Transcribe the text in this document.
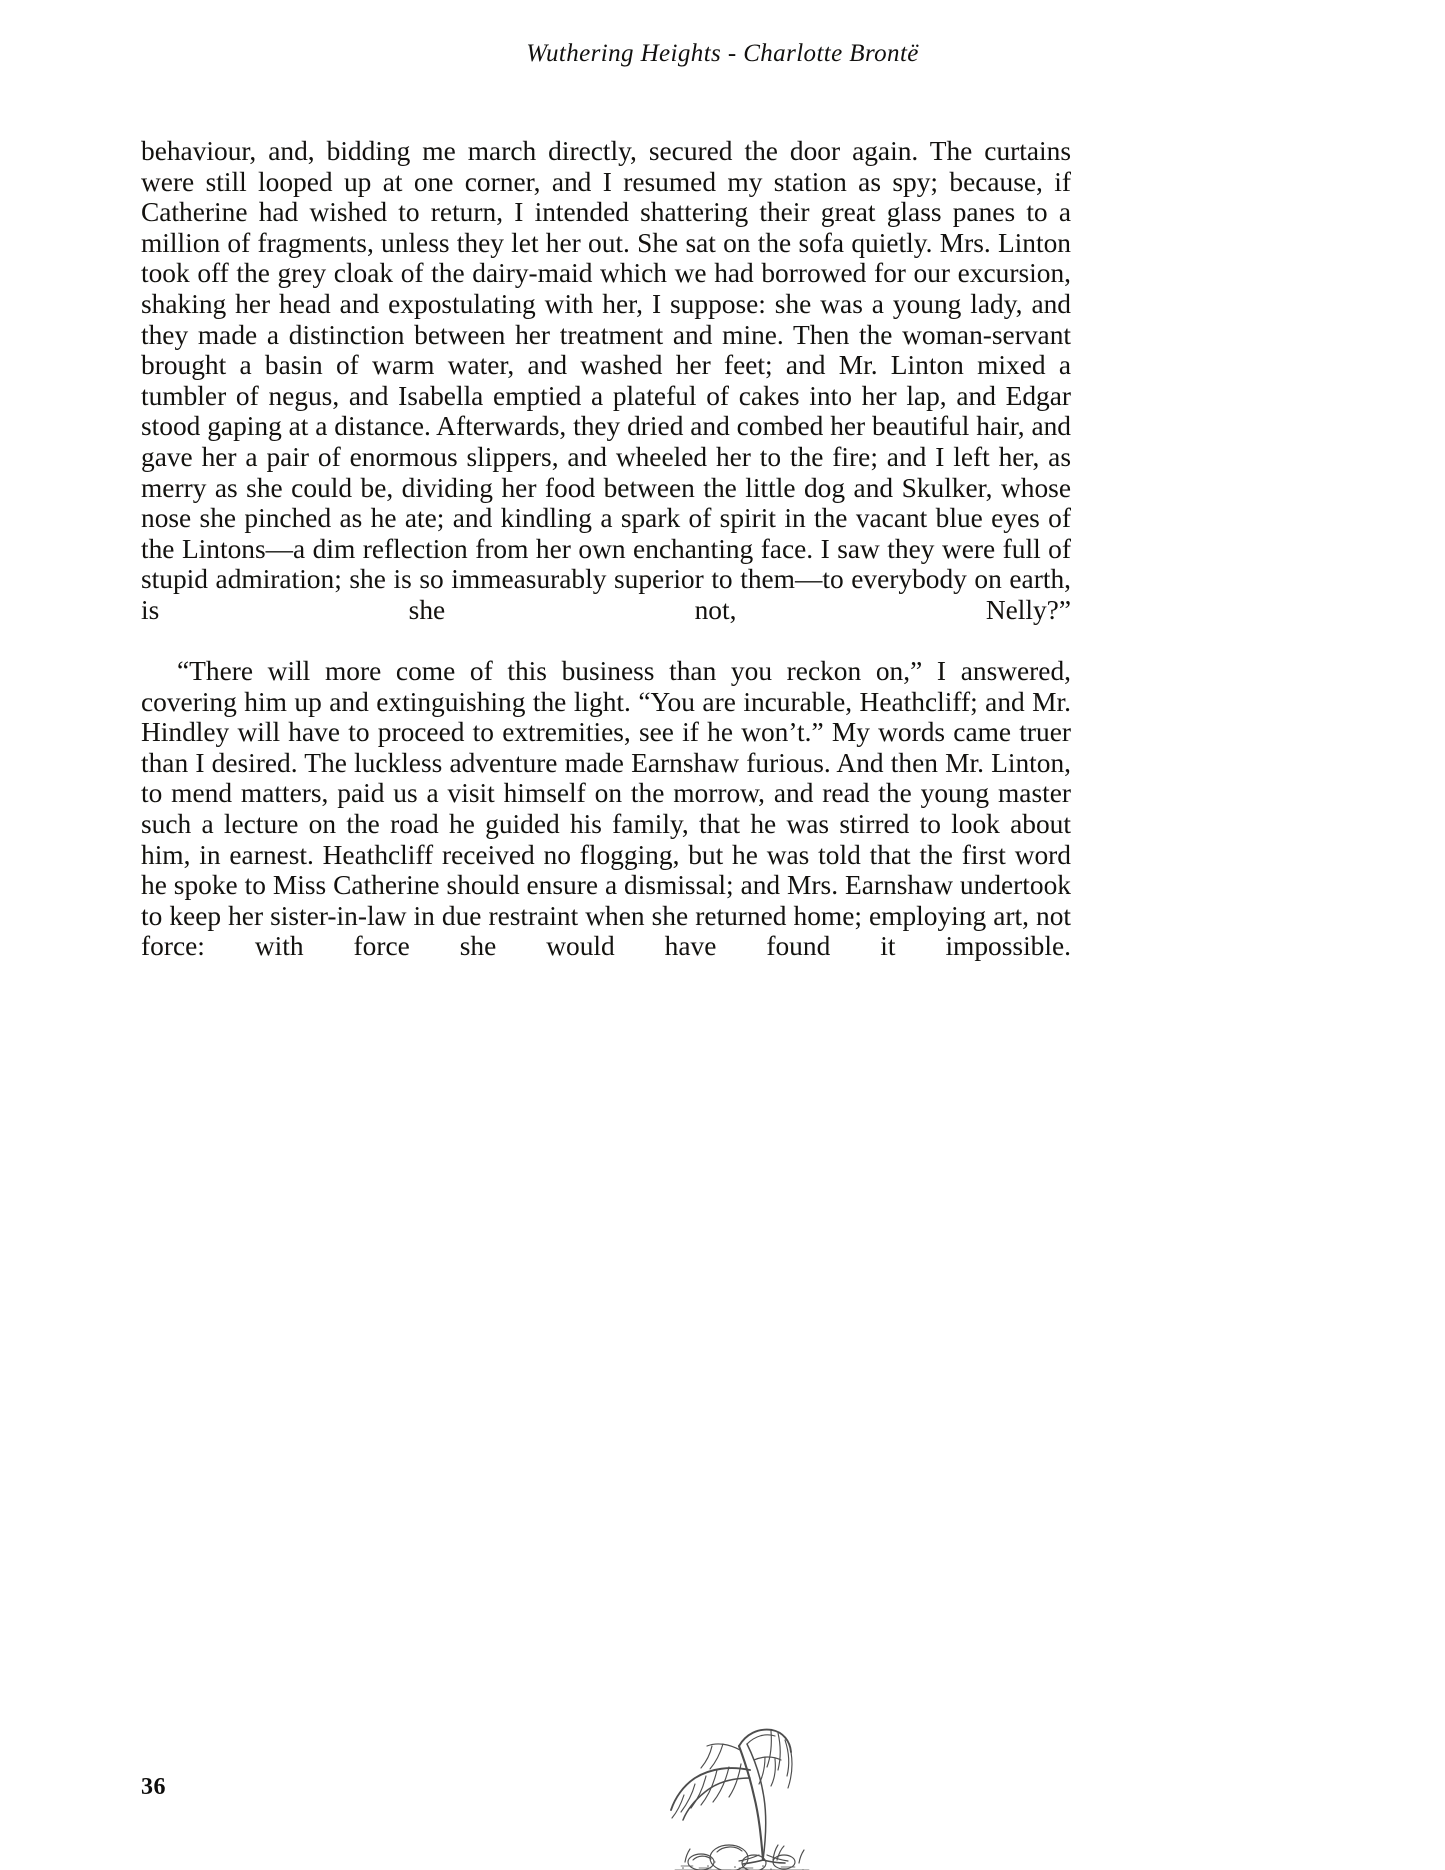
Wuthering Heights - Charlotte Brontë

behaviour, and, bidding me march directly, secured the door again. The curtains were still looped up at one corner, and I resumed my station as spy; because, if Catherine had wished to return, I intended shattering their great glass panes to a million of fragments, unless they let her out. She sat on the sofa quietly. Mrs. Linton took off the grey cloak of the dairy-maid which we had borrowed for our excursion, shaking her head and expostulating with her, I suppose: she was a young lady, and they made a distinction between her treatment and mine. Then the woman-servant brought a basin of warm water, and washed her feet; and Mr. Linton mixed a tumbler of negus, and Isabella emptied a plateful of cakes into her lap, and Edgar stood gaping at a distance. Afterwards, they dried and combed her beautiful hair, and gave her a pair of enormous slippers, and wheeled her to the fire; and I left her, as merry as she could be, dividing her food between the little dog and Skulker, whose nose she pinched as he ate; and kindling a spark of spirit in the vacant blue eyes of the Lintons—a dim reflection from her own enchanting face. I saw they were full of stupid admiration; she is so immeasurably superior to them—to everybody on earth, is she not, Nelly?”

“There will more come of this business than you reckon on,” I answered, covering him up and extinguishing the light. “You are incurable, Heathcliff; and Mr. Hindley will have to proceed to extremities, see if he won’t.” My words came truer than I desired. The luckless adventure made Earnshaw furious. And then Mr. Linton, to mend matters, paid us a visit himself on the morrow, and read the young master such a lecture on the road he guided his family, that he was stirred to look about him, in earnest. Heathcliff received no flogging, but he was told that the first word he spoke to Miss Catherine should ensure a dismissal; and Mrs. Earnshaw undertook to keep her sister-in-law in due restraint when she returned home; employing art, not force: with force she would have found it impossible.

36
